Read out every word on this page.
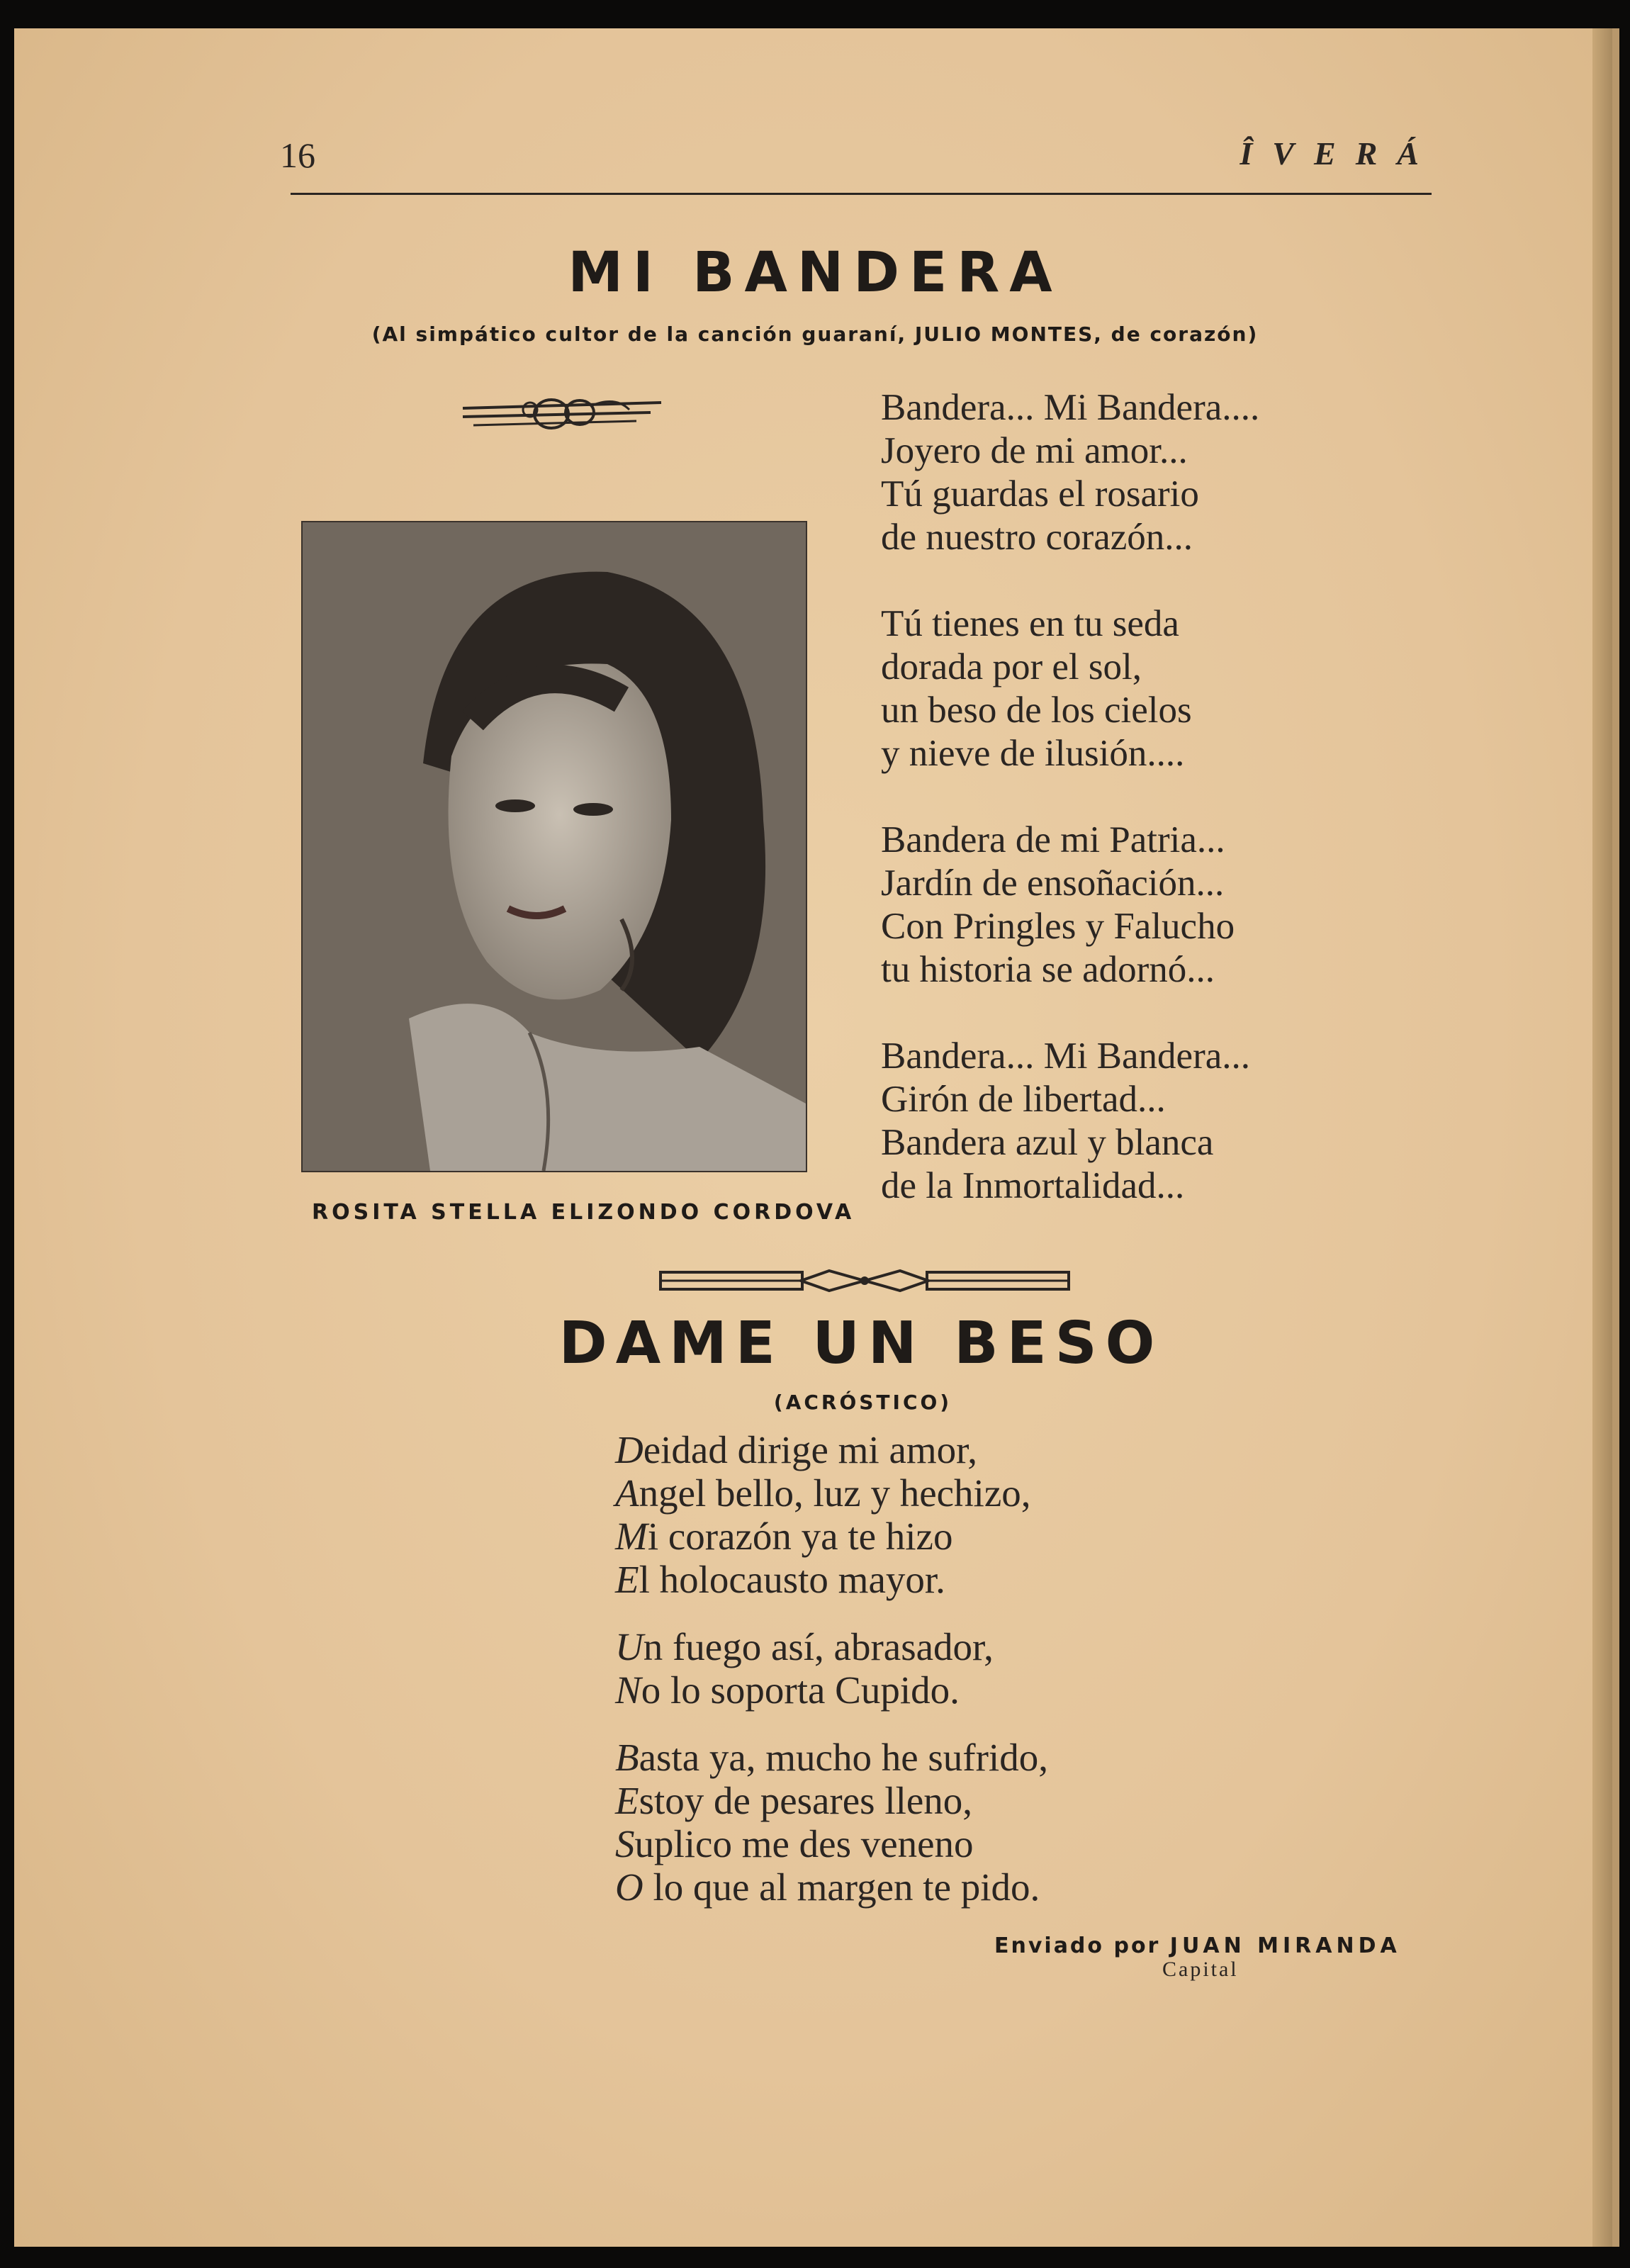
16	ÎVERÁ
MI BANDERA
(Al simpático cultor de la canción guaraní, JULIO MONTES, de corazón)
ROSITA STELLA ELIZONDO CORDOVA
Bandera... Mi Bandera....
Joyero de mi amor...
Tú guardas el rosario
de nuestro corazón...
Tú tienes en tu seda
dorada por el sol,
un beso de los cielos
y nieve de ilusión....
Bandera de mi Patria...
Jardín de ensoñación...
Con Pringles y Falucho
tu historia se adornó...
Bandera... Mi Bandera...
Girón de libertad...
Bandera azul y blanca
de la Inmortalidad...
DAME UN BESO
(ACRÓSTICO)
Deidad dirige mi amor,
Angel bello, luz y hechizo,
Mi corazón ya te hizo
El holocausto mayor.
Un fuego así, abrasador,
No lo soporta Cupido.
Basta ya, mucho he sufrido,
Estoy de pesares lleno,
Suplico me des veneno
O lo que al margen te pido.
Enviado por JUAN MIRANDA
Capital
